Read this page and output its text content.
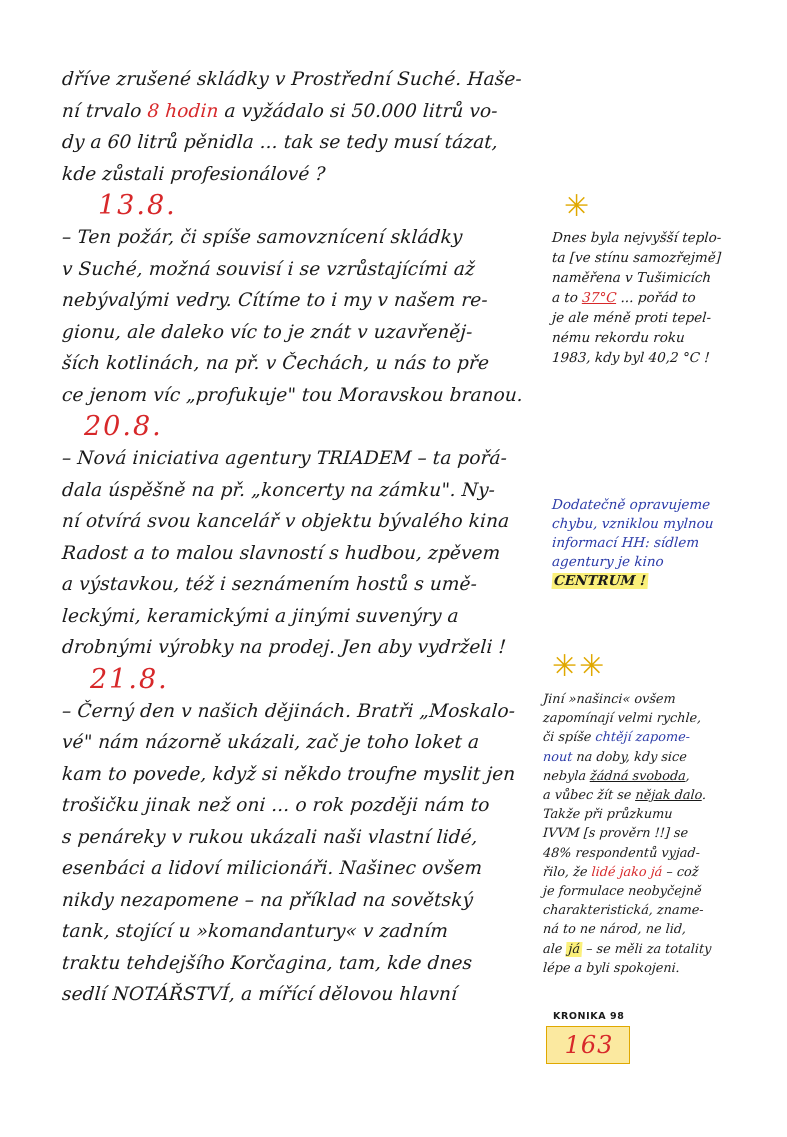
dříve zrušené skládky v Prostřední Suché. Haše-
ní trvalo 8 hodin a vyžádalo si 50.000 litrů vo-
dy a 60 litrů pěnidla ... tak se tedy musí tázat,
kde zůstali profesionálové ?
13.8.
– Ten požár, či spíše samovznícení skládky
v Suché, možná souvisí i se vzrůstajícími až
nebývalými vedry. Cítíme to i my v našem re-
gionu, ale daleko víc to je znát v uzavřeněj-
ších kotlinách, na př. v Čechách, u nás to pře
ce jenom víc „profukuje" tou Moravskou branou.
20.8.
– Nová iniciativa agentury TRIADEM – ta pořá-
dala úspěšně na př. „koncerty na zámku". Ny-
ní otvírá svou kancelář v objektu bývalého kina
Radost a to malou slavností s hudbou, zpěvem
a výstavkou, též i seznámením hostů s umě-
leckými, keramickými a jinými suvenýry a
drobnými výrobky na prodej. Jen aby vydrželi !
21.8.
– Černý den v našich dějinách. Bratři „Moskalo-
vé" nám názorně ukázali, zač je toho loket a
kam to povede, když si někdo troufne myslit jen
trošičku jinak než oni ... o rok později nám to
s penáreky v rukou ukázali naši vlastní lidé,
esenbáci a lidoví milicionáři. Našinec ovšem
nikdy nezapomene – na příklad na sovětský
tank, stojící u »komandantury« v zadním
traktu tehdejšího Korčagina, tam, kde dnes
sedlí NOTÁŘSTVÍ, a mířící dělovou hlavní
✳
Dnes byla nejvyšší teplo-
ta [ve stínu samozřejmě]
naměřena v Tušimicích
a to 37°C ... pořád to
je ale méně proti tepel-
nému rekordu roku
1983, kdy byl 40,2 °C !
Dodatečně opravujeme
chybu, vzniklou mylnou
informací HH: sídlem
agentury je kino
CENTRUM !
✳✳
Jiní »našinci« ovšem
zapomínají velmi rychle,
či spíše chtějí zapome-
nout na doby, kdy sice
nebyla žádná svoboda,
a vůbec žít se nějak dalo.
Takže při průzkumu
IVVM [s prověrn !!] se
48% respondentů vyjad-
řilo, že lidé jako já – což
je formulace neobyčejně
charakteristická, zname-
ná to ne národ, ne lid,
ale já – se měli za totality
lépe a byli spokojeni.
KRONIKA 98
163
